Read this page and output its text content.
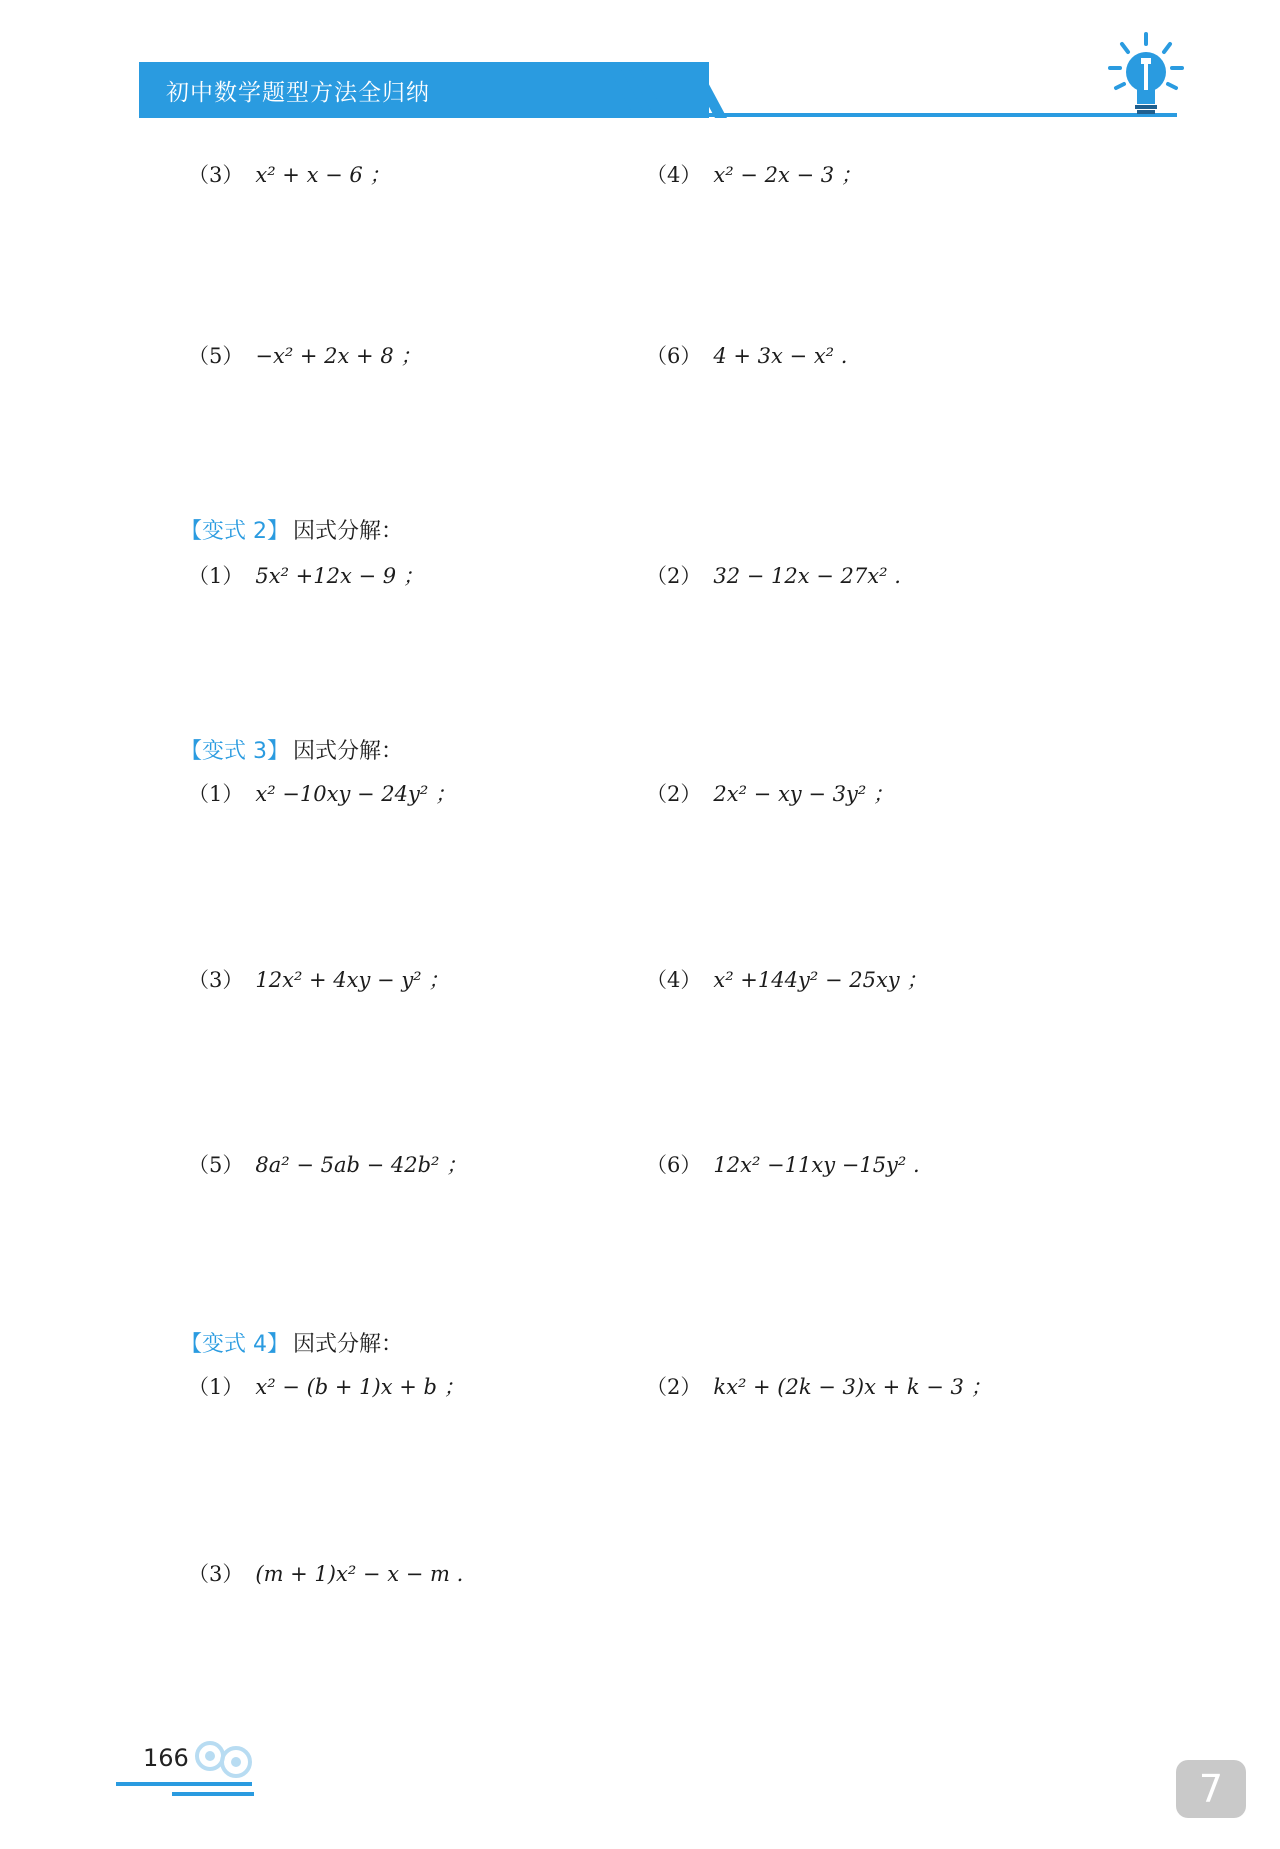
初中数学题型方法全归纳
（3） x² + x − 6 ；	（4） x² − 2x − 3 ；
（5） −x² + 2x + 8 ；	（6） 4 + 3x − x² .
【变式 2】 因式分解：
（1） 5x² +12x − 9 ；	（2） 32 − 12x − 27x² .
【变式 3】 因式分解：
（1） x² −10xy − 24y² ；	（2） 2x² − xy − 3y² ；
（3） 12x² + 4xy − y² ；	（4） x² +144y² − 25xy ；
（5） 8a² − 5ab − 42b² ；	（6） 12x² −11xy −15y² .
【变式 4】 因式分解：
（1） x² − (b + 1)x + b ；	（2） kx² + (2k − 3)x + k − 3 ；
（3） (m + 1)x² − x − m .
166
7
